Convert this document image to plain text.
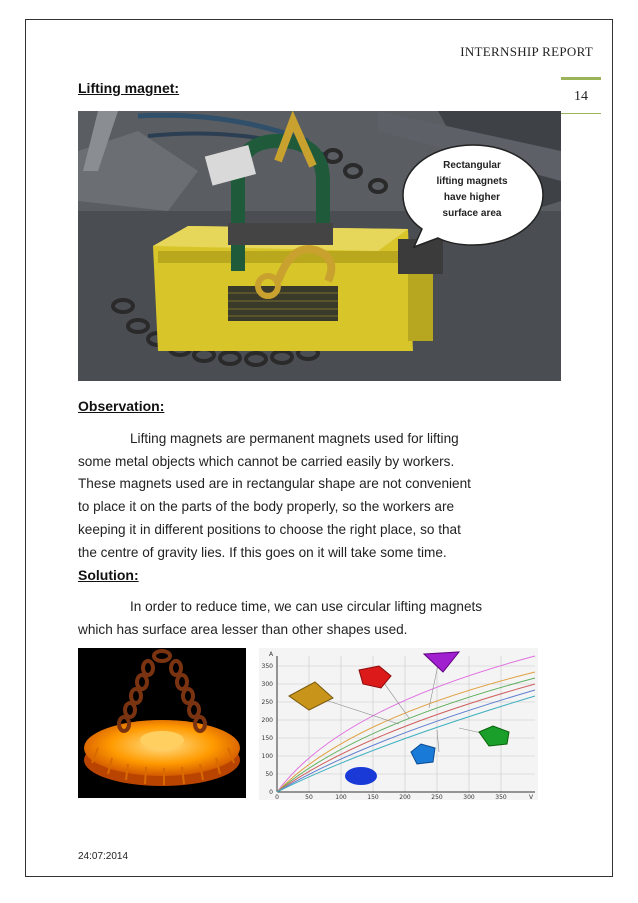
INTERNSHIP REPORT
14
Lifting magnet:
Rectangular
lifting magnets
have higher
surface area
Observation:
Lifting magnets are permanent magnets used for lifting
some metal objects which cannot be carried easily by workers.
These magnets used are in rectangular shape are not convenient
to place it on the parts of the body properly, so the workers are
keeping it in different positions to choose the right place, so that
the centre of gravity lies. If this goes on it will take some time.
Solution:
In order to reduce time, we can use circular lifting magnets
which has surface area lesser than other shapes used.
0
50
100
150
200
250
300
350
0	50	100	150	200	250	300	350	V
A
24:07:2014
